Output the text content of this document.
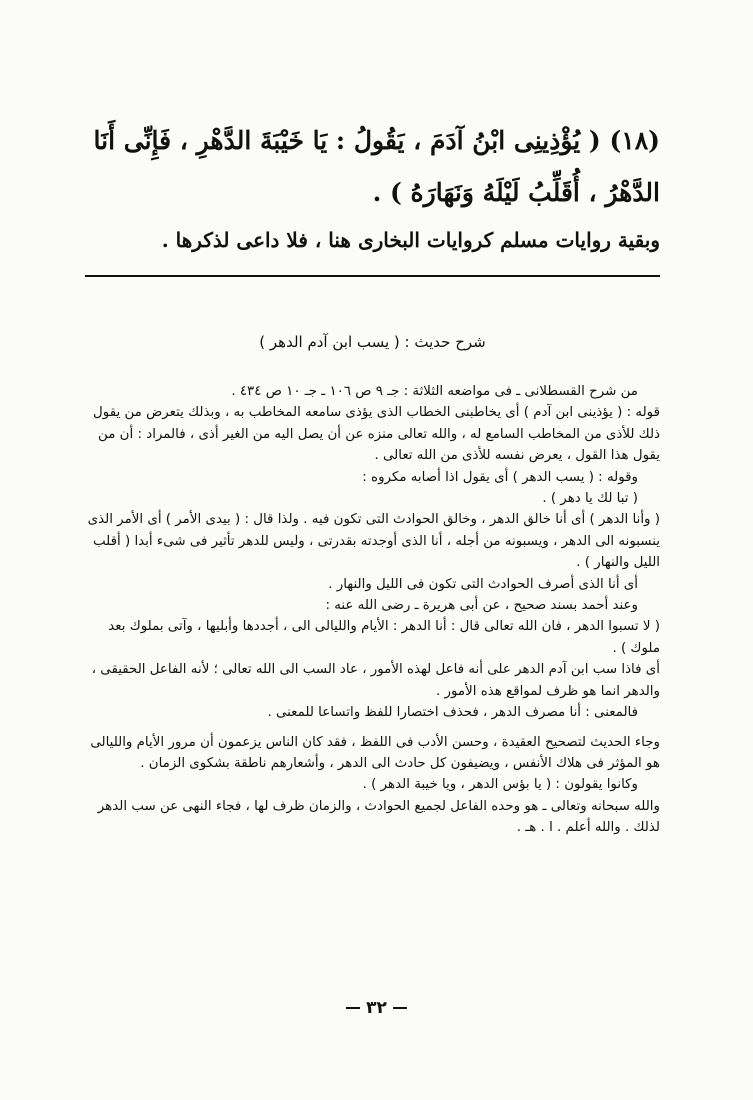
(١٨) ( يُؤْذِينِى ابْنُ آدَمَ ، يَقُولُ : يَا خَيْبَةَ الدَّهْرِ ، فَإِنِّى أَنَا
الدَّهْرُ ، أُقَلِّبُ لَيْلَهُ وَنَهَارَهُ ) .

وبقية روايات مسلم كروايات البخارى هنا ، فلا داعى لذكرها .

شرح حديث : ( يسب ابن آدم الدهر )

من شرح القسطلانى ـ فى مواضعه الثلاثة : جـ ٩ ص ١٠٦ ـ جـ ١٠ ص ٤٣٤ .

قوله : ( يؤذينى ابن آدم ) أى يخاطبنى الخطاب الذى يؤذى سامعه المخاطب به ، وبذلك يتعرض من يقول ذلك للأذى من المخاطب السامع له ، والله تعالى منزه عن أن يصل اليه من الغير أذى ، فالمراد : أن من يقول هذا القول ، يعرض نفسه للأذى من الله تعالى .

وقوله : ( يسب الدهر ) أى يقول اذا أصابه مكروه :

( تبا لك يا دهر ) .

( وأنا الدهر ) أى أنا خالق الدهر ، وخالق الحوادث التى تكون فيه . ولذا قال : ( بيدى الأمر ) أى الأمر الذى ينسبونه الى الدهر ، ويسبونه من أجله ، أنا الذى أوجدته بقدرتى ، وليس للدهر تأثير فى شىء أبدا ( أقلب الليل والنهار ) .

أى أنا الذى أصرف الحوادث التى تكون فى الليل والنهار .

وعند أحمد بسند صحيح ، عن أبى هريرة ـ رضى الله عنه :

( لا تسبوا الدهر ، فان الله تعالى قال : أنا الدهر : الأيام والليالى الى ، أجددها وأبليها ، وآتى بملوك بعد ملوك ) .

أى فاذا سب ابن آدم الدهر على أنه فاعل لهذه الأمور ، عاد السب الى الله تعالى ؛ لأنه الفاعل الحقيقى ، والدهر انما هو ظرف لمواقع هذه الأمور .

فالمعنى : أنا مصرف الدهر ، فحذف اختصارا للفظ واتساعا للمعنى .

وجاء الحديث لتصحيح العقيدة ، وحسن الأدب فى اللفظ ، فقد كان الناس يزعمون أن مرور الأيام والليالى هو المؤثر فى هلاك الأنفس ، ويضيفون كل حادث الى الدهر ، وأشعارهم ناطقة بشكوى الزمان .

وكانوا يقولون : ( يا بؤس الدهر ، ويا خيبة الدهر ) .

والله سبحانه وتعالى ـ هو وحده الفاعل لجميع الحوادث ، والزمان ظرف لها ، فجاء النهى عن سب الدهر لذلك . والله أعلم . ا . هـ .

٣٢
